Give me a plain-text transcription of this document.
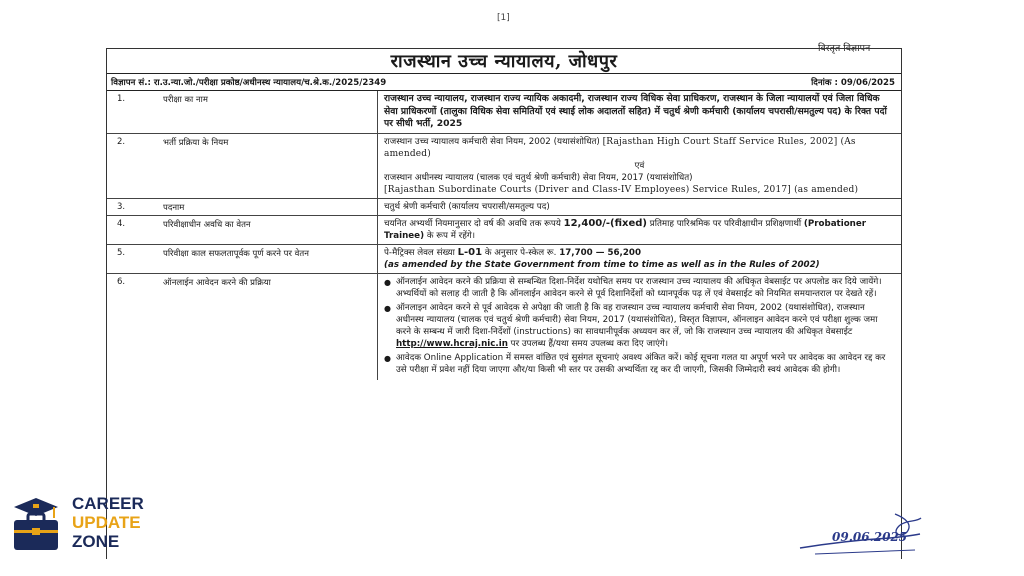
[1]
विस्तृत विज्ञापन
राजस्थान उच्च न्यायालय, जोधपुर
विज्ञापन सं.: रा.उ.न्या.जो./परीक्षा प्रकोष्ठ/अधीनस्थ न्यायालय/च.श्रे.क./2025/2349	दिनांक : 09/06/2025
1.	परीक्षा का नाम	राजस्थान उच्च न्यायालय, राजस्थान राज्य न्यायिक अकादमी, राजस्थान राज्य विधिक सेवा प्राधिकरण, राजस्थान के जिला न्यायालयों एवं जिला विधिक सेवा प्राधिकरणों (तालुका विधिक सेवा समितियों एवं स्थाई लोक अदालतों सहित) में चतुर्थ श्रेणी कर्मचारी (कार्यालय चपरासी/समतुल्य पद) के रिक्त पदों पर सीधी भर्ती, 2025
2.	भर्ती प्रक्रिया के नियम	राजस्थान उच्च न्यायालय कर्मचारी सेवा नियम, 2002 (यथासंशोधित) [Rajasthan High Court Staff Service Rules, 2002] (As amended)
एवं
राजस्थान अधीनस्थ न्यायालय (चालक एवं चतुर्थ श्रेणी कर्मचारी) सेवा नियम, 2017 (यथासंशोधित)
[Rajasthan Subordinate Courts (Driver and Class-IV Employees) Service Rules, 2017] (as amended)
3.	पदनाम	चतुर्थ श्रेणी कर्मचारी (कार्यालय चपरासी/समतुल्य पद)
4.	परिवीक्षाधीन अवधि का वेतन	चयनित अभ्यर्थी नियमानुसार दो वर्ष की अवधि तक रूपये 12,400/-(fixed) प्रतिमाह पारिश्रमिक पर परिवीक्षाधीन प्रशिक्षणार्थी (Probationer Trainee) के रूप में रहेंगे।
5.	परिवीक्षा काल सफलतापूर्वक पूर्ण करने पर वेतन	पे-मैट्रिक्स लेवल संख्या L-01 के अनुसार पे-स्केल रू. 17,700 — 56,200
(as amended by the State Government from time to time as well as in the Rules of 2002)
6.	ऑनलाईन आवेदन करने की प्रक्रिया	● ऑनलाईन आवेदन करने की प्रक्रिया से सम्बन्धित दिशा-निर्देश यथोचित समय पर राजस्थान उच्च न्यायालय की अधिकृत वेबसाईट पर अपलोड कर दिये जायेंगे। अभ्यर्थियों को सलाह दी जाती है कि ऑनलाईन आवेदन करने से पूर्व दिशानिर्देशों को ध्यानपूर्वक पढ़ लें एवं वेबसाईट को नियमित समयान्तराल पर देखते रहें।
● ऑनलाइन आवेदन करने से पूर्व आवेदक से अपेक्षा की जाती है कि वह राजस्थान उच्च न्यायालय कर्मचारी सेवा नियम, 2002 (यथासंशोधित), राजस्थान अधीनस्थ न्यायालय (चालक एवं चतुर्थ श्रेणी कर्मचारी) सेवा नियम, 2017 (यथासंशोधित), विस्तृत विज्ञापन, ऑनलाइन आवेदन करने एवं परीक्षा शुल्क जमा करने के सम्बन्ध में जारी दिशा-निर्देशों (instructions) का सावधानीपूर्वक अध्ययन कर लें, जो कि राजस्थान उच्च न्यायालय की अधिकृत वेबसाईट http://www.hcraj.nic.in पर उपलब्ध हैं/यथा समय उपलब्ध करा दिए जाएंगे।
● आवेदक Online Application में समस्त वांछित एवं सुसंगत सूचनाएं अवश्य अंकित करें। कोई सूचना गलत या अपूर्ण भरने पर आवेदक का आवेदन रद्द कर उसे परीक्षा में प्रवेश नहीं दिया जाएगा और/या किसी भी स्तर पर उसकी अभ्यर्थिता रद्द कर दी जाएगी, जिसकी जिम्मेदारी स्वयं आवेदक की होगी।
CAREER
UPDATE
ZONE	09.06.2025
